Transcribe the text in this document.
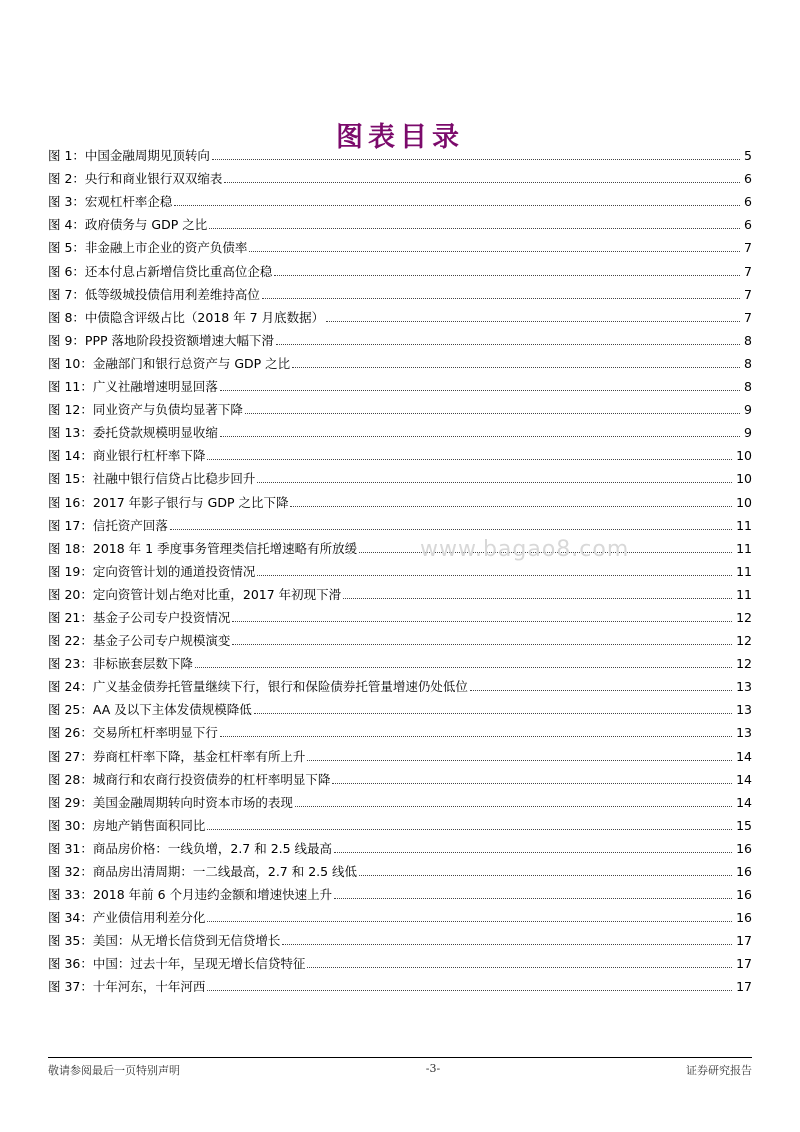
图表目录
图 1：中国金融周期见顶转向	5
图 2：央行和商业银行双双缩表	6
图 3：宏观杠杆率企稳	6
图 4：政府债务与 GDP 之比	6
图 5：非金融上市企业的资产负债率	7
图 6：还本付息占新增信贷比重高位企稳	7
图 7：低等级城投债信用利差维持高位	7
图 8：中债隐含评级占比（2018 年 7 月底数据）	7
图 9：PPP 落地阶段投资额增速大幅下滑	8
图 10：金融部门和银行总资产与 GDP 之比	8
图 11：广义社融增速明显回落	8
图 12：同业资产与负债均显著下降	9
图 13：委托贷款规模明显收缩	9
图 14：商业银行杠杆率下降	10
图 15：社融中银行信贷占比稳步回升	10
图 16：2017 年影子银行与 GDP 之比下降	10
图 17：信托资产回落	11
图 18：2018 年 1 季度事务管理类信托增速略有所放缓	11
图 19：定向资管计划的通道投资情况	11
图 20：定向资管计划占绝对比重，2017 年初现下滑	11
图 21：基金子公司专户投资情况	12
图 22：基金子公司专户规模演变	12
图 23：非标嵌套层数下降	12
图 24：广义基金债券托管量继续下行，银行和保险债券托管量增速仍处低位	13
图 25：AA 及以下主体发债规模降低	13
图 26：交易所杠杆率明显下行	13
图 27：券商杠杆率下降，基金杠杆率有所上升	14
图 28：城商行和农商行投资债券的杠杆率明显下降	14
图 29：美国金融周期转向时资本市场的表现	14
图 30：房地产销售面积同比	15
图 31：商品房价格：一线负增，2.7 和 2.5 线最高	16
图 32：商品房出清周期：一二线最高，2.7 和 2.5 线低	16
图 33：2018 年前 6 个月违约金额和增速快速上升	16
图 34：产业债信用利差分化	16
图 35：美国：从无增长信贷到无信贷增长	17
图 36：中国：过去十年，呈现无增长信贷特征	17
图 37：十年河东，十年河西	17
www.bagao8.com
敬请参阅最后一页特别声明	-3-	证券研究报告
